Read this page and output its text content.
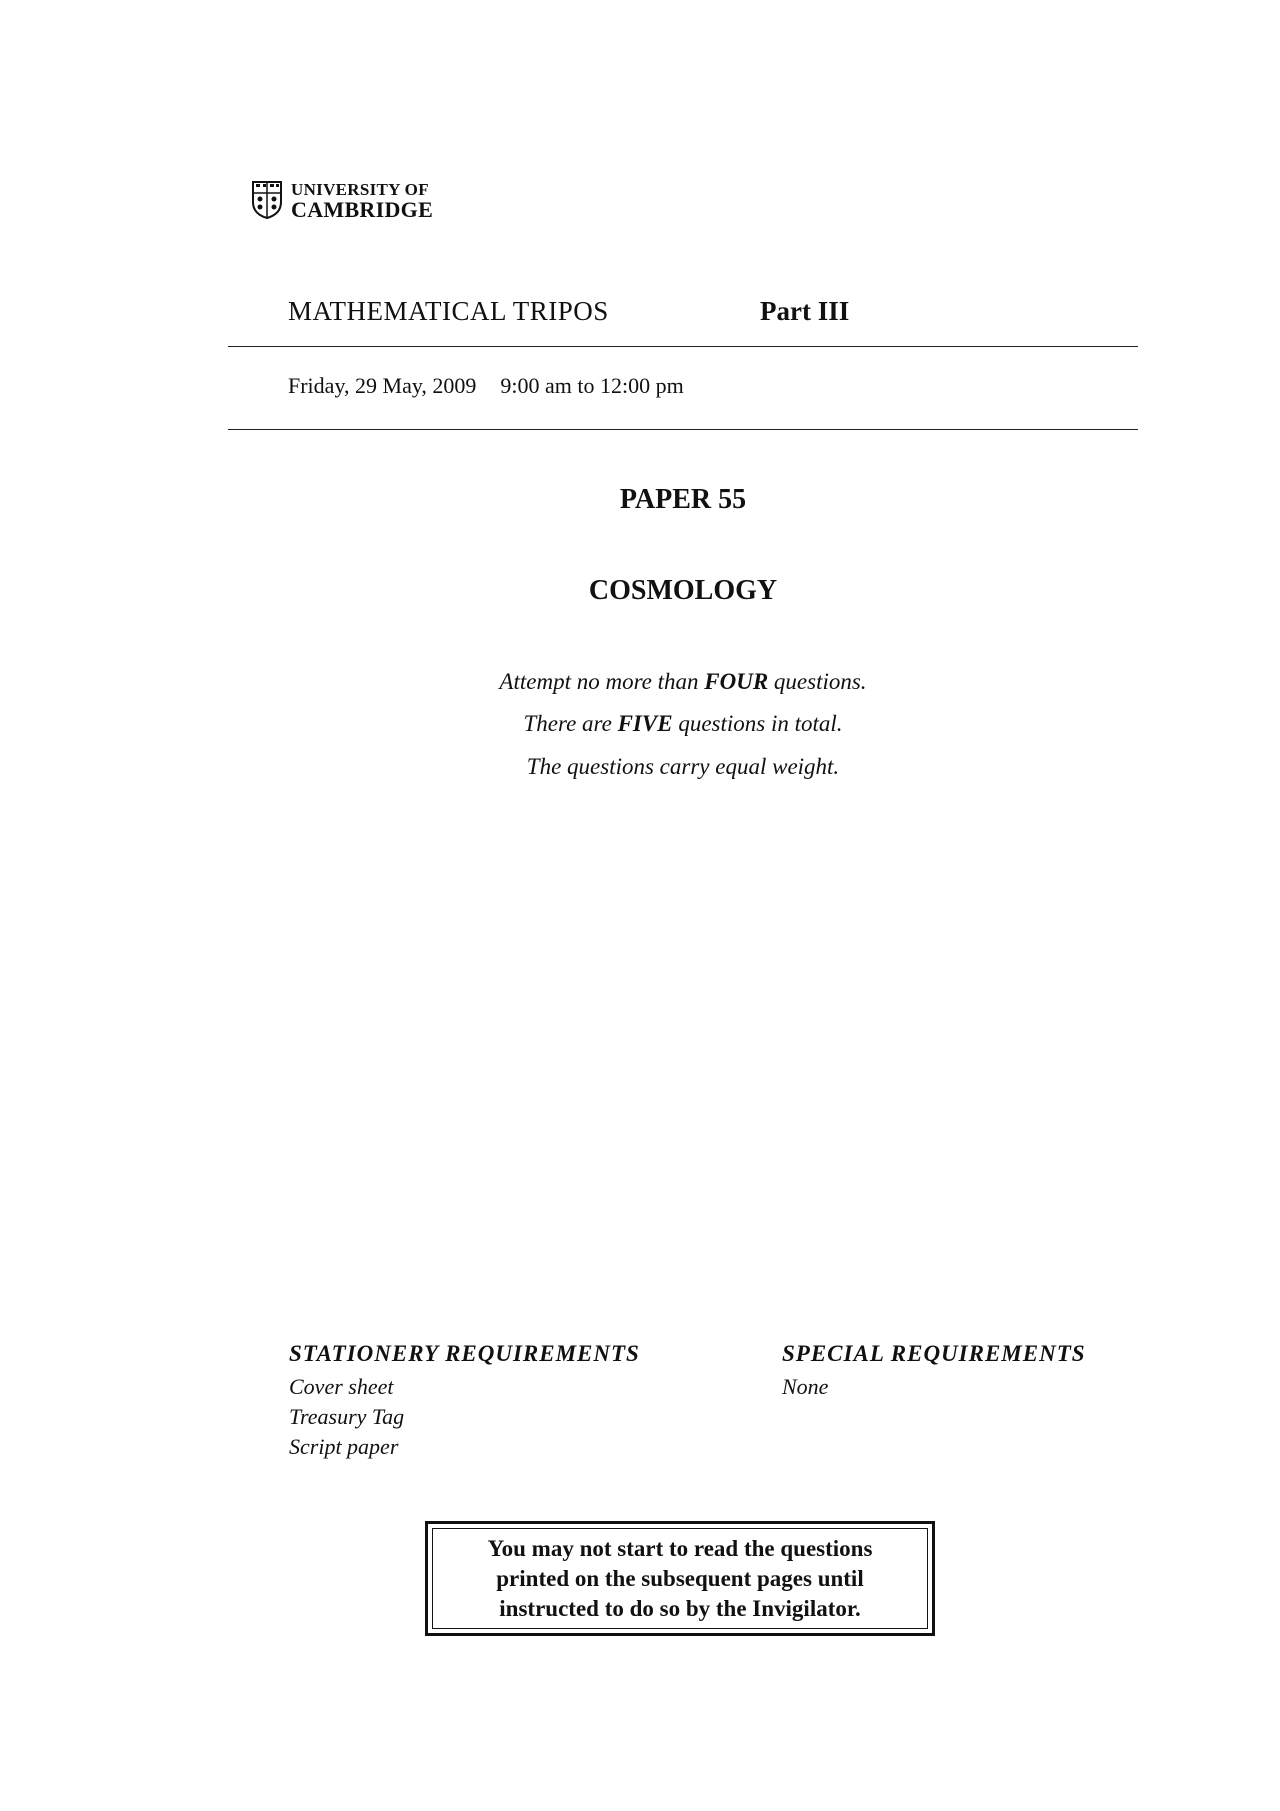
UNIVERSITY OF
CAMBRIDGE
MATHEMATICAL TRIPOS	Part III
Friday, 29 May, 2009 9:00 am to 12:00 pm
PAPER 55
COSMOLOGY
Attempt no more than FOUR questions.
There are FIVE questions in total.
The questions carry equal weight.
STATIONERY REQUIREMENTS
Cover sheet
Treasury Tag
Script paper
SPECIAL REQUIREMENTS
None
You may not start to read the questions
printed on the subsequent pages until
instructed to do so by the Invigilator.
